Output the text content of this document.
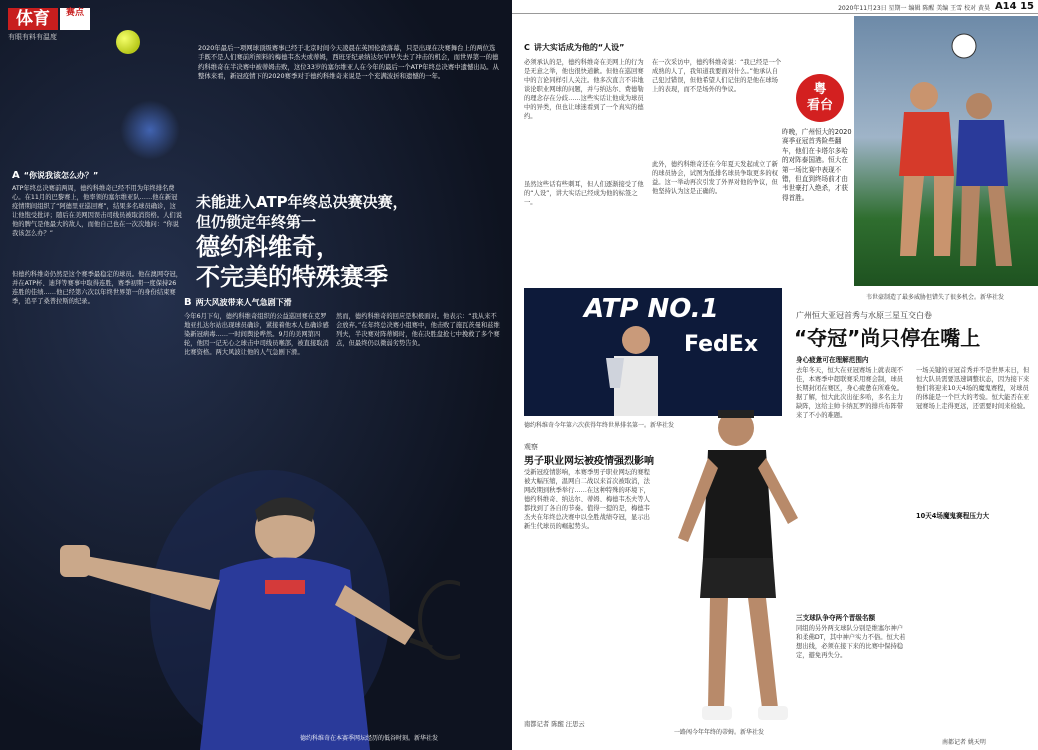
体育	赛点
有眼有料有温度

2020年最后一项网球顶级赛事已经于北京时间今天凌晨在英国伦敦落幕，只是出现在决赛舞台上的两位选手既不是人们赛前所预料的梅德韦杰夫或蒂姆，西班牙纪录纳达尔早早失去了冲击的机会，而世界第一的德约科维奇在半决赛中被蒂姆击败，这位33岁的塞尔维亚人在今年的最后一个ATP年终总决赛中遗憾出局。从整体来看，新冠疫情下的2020赛季对于德约科维奇来说是一个充满波折和遗憾的一年。

未能进入ATP年终总决赛决赛，
但仍锁定年终第一
德约科维奇，
不完美的特殊赛季
A “你说我该怎么办？”

ATP年终总决赛前两周，德约科维奇已经不用为年终排名费心。在11月的巴黎赛上，他率领的塞尔维亚队……他在新冠疫情期间组织了“阿德里亚巡回赛”，结果多名球员确诊，这让他饱受批评；随后在美网因误击司线员被取消资格。人们说他的脾气是他最大的敌人，而他自己也在一次次地问：“你说我该怎么办？”

但德约科维奇仍然是这个赛季最稳定的球员。他在澳网夺冠，并在ATP杯、迪拜等赛事中取得连胜，赛季初期一度保持26连胜的佳绩……他已经第六次以年终世界第一的身份结束赛季，追平了桑普拉斯的纪录。	B 两大风波带来人气急剧下滑

今年6月下旬，德约科维奇组织的公益巡回赛在克罗地亚扎达尔站出现球员确诊，紧接着他本人也确诊感染新冠病毒……一时间舆论哗然。9月的美网第四轮，他因一记无心之球击中司线员喉部，被直接取消比赛资格。两大风波让他的人气急剧下滑。

然而，德约科维奇的回应是积极面对。他表示：“我从来不会放弃。”在年终总决赛小组赛中，他击败了施瓦茨曼和兹维列夫，半决赛对阵蒂姆时，他在决胜盘抢七中挽救了多个赛点，但最终仍以微弱劣势告负。

德约科维奇在本赛季网坛经历的低谷时刻。新华社发
2020年11月23日 星期一 编辑 陈醒 美编 王雪 校对 黄昊 A14 15
C 讲大实话成为他的“人设”

必须承认的是，德约科维奇在美网上的行为是无意之举，他也很快道歉。但他在巡回赛中的言论同样引人关注。他多次直言不讳地谈论职业网球的问题，并与纳达尔、费德勒的理念存在分歧……这些实话让他成为球员中的异类，但也让球迷看到了一个真实的德约。

虽然这些话有些刺耳，但人们逐渐接受了他的“人设”，讲大实话已经成为他的标签之一。

在一次采访中，德约科维奇说：“我已经是一个成熟的人了，我知道我要面对什么。”他承认自己犯过错误，但他希望人们记住的是他在球场上的表现，而不是场外的争议。

此外，德约科维奇还在今年夏天发起成立了新的球员协会，试图为低排名球员争取更多的权益。这一举动再次引发了外界对他的争议，但他坚持认为这是正确的。

ATP NO.1
FedEx
德约科维奇今年第六次获得年终世界排名第一。新华社发
观察
男子职业网坛被疫情强烈影响

受新冠疫情影响，本赛季男子职业网坛的赛程被大幅压缩，温网自二战以来首次被取消，法网改期到秋季举行……在这种特殊的环境下，德约科维奇、纳达尔、蒂姆、梅德韦杰夫等人都找到了各自的节奏。值得一提的是，梅德韦杰夫在年终总决赛中以全胜战绩夺冠，显示出新生代球员的崛起势头。

南都记者 陈醒 汪思云
一路闯今年年终的蒂姆。新华社发
韦世豪制造了最多威胁但错失了很多机会。新华社发
粤
看台

昨晚，广州恒大的2020赛季亚冠首秀险些翻车，他们在卡塔尔多哈的对阵泰国港。恒大在第一场比赛中表现不错，但直到终场前才由韦世豪打入绝杀，才获得首胜。

广州恒大亚冠首秀与水原三星互交白卷
“夺冠”尚只停在嘴上
身心疲惫可在理解范围内

去年冬天，恒大在亚冠赛场上就表现不佳，本赛季中超联赛采用赛会制，球员长期封闭在赛区，身心疲惫在所难免。据了解，恒大此次出征多哈，多名主力缺阵，这给主帅卡纳瓦罗的排兵布阵带来了不小的难题。

三支球队争夺两个晋级名额

同组的另外两支球队分别是维塞尔神户和柔佛DT，其中神户实力不俗。恒大若想出线，必须在接下来的比赛中保持稳定，避免再失分。

一场关键的亚冠首秀并不是世界末日，但恒大队员需要迅速调整状态，因为接下来他们将迎来10天4场的魔鬼赛程，对球员的体能是一个巨大的考验。恒大能否在亚冠赛场上走得更远，还需要时间来检验。

10天4场魔鬼赛程压力大
南都记者 姚天明
